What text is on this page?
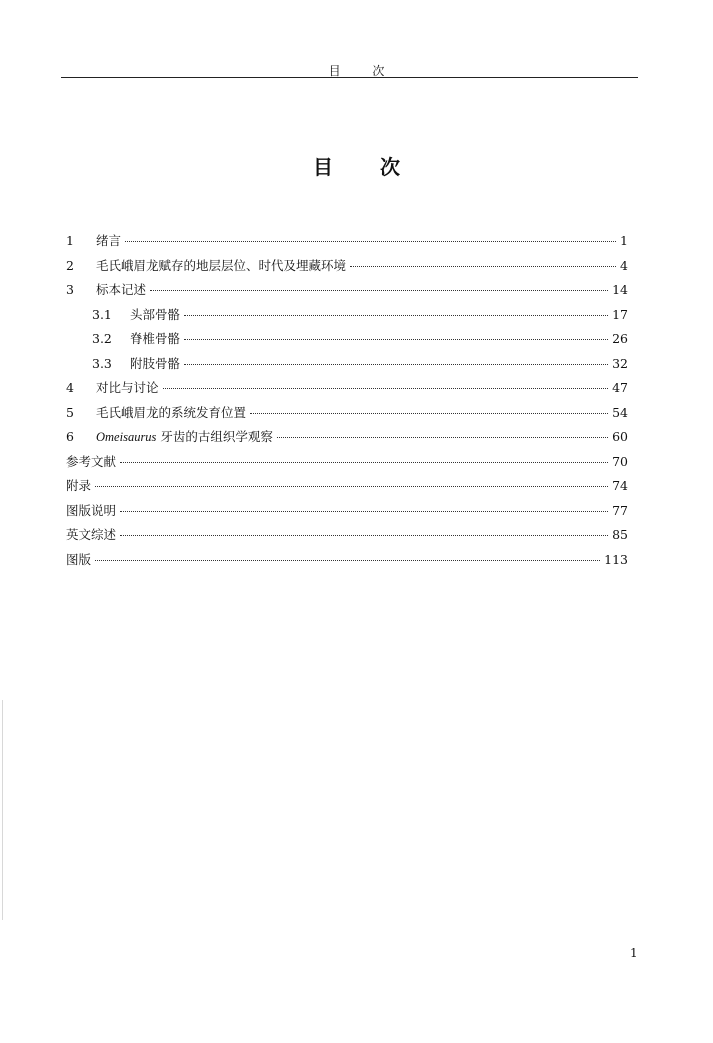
目 次
目 次
1	绪言	1
2	毛氏峨眉龙赋存的地层层位、时代及埋藏环境	4
3	标本记述	14
3.1	头部骨骼	17
3.2	脊椎骨骼	26
3.3	附肢骨骼	32
4	对比与讨论	47
5	毛氏峨眉龙的系统发育位置	54
6	Omeisaurus 牙齿的古组织学观察	60
参考文献	70
附录	74
图版说明	77
英文综述	85
图版	113
1
